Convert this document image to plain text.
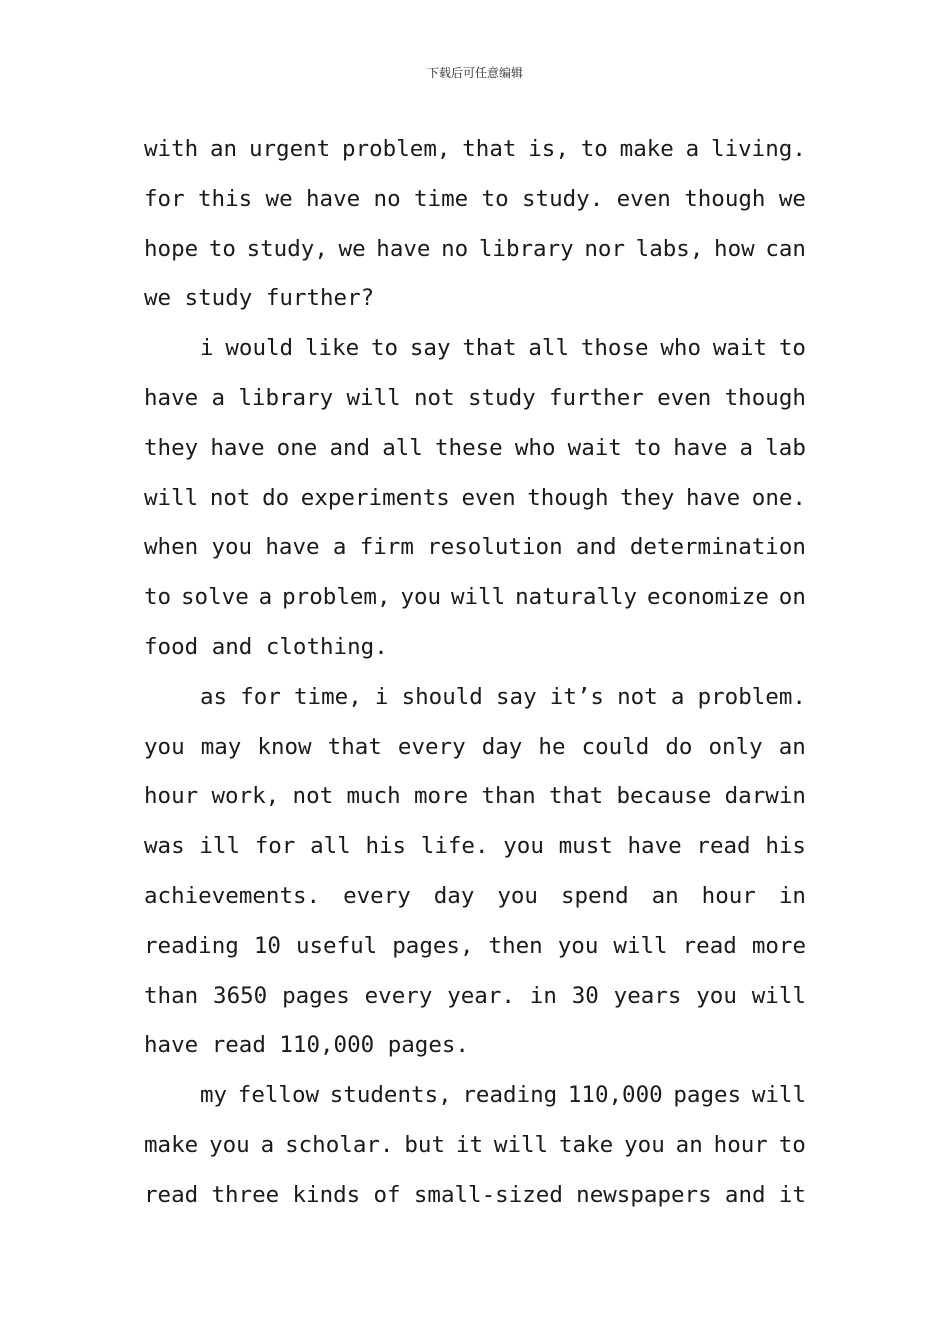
下载后可任意编辑
with an urgent problem, that is, to make a living.
for this we have no time to study. even though we
hope to study, we have no library nor labs, how can
we study further?
i would like to say that all those who wait to
have a library will not study further even though
they have one and all these who wait to have a lab
will not do experiments even though they have one.
when you have a firm resolution and determination
to solve a problem, you will naturally economize on
food and clothing.
as for time, i should say it’s not a problem.
you may know that every day he could do only an
hour work, not much more than that because darwin
was ill for all his life. you must have read his
achievements. every day you spend an hour in
reading 10 useful pages, then you will read more
than 3650 pages every year. in 30 years you will
have read 110,000 pages.
my fellow students, reading 110,000 pages will
make you a scholar. but it will take you an hour to
read three kinds of small-sized newspapers and it
